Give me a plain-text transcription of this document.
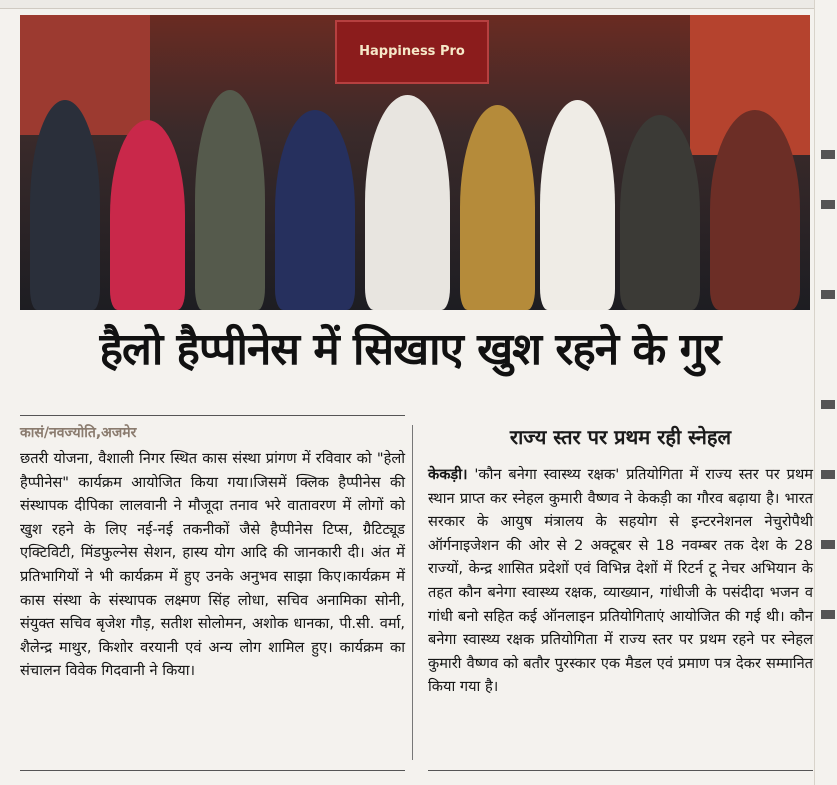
Happiness Pro
हैलो हैप्पीनेस में सिखाए खुश रहने के गुर
कासं/नवज्योति,अजमेर
छतरी योजना, वैशाली निगर स्थित कास संस्था प्रांगण में रविवार को "हेलो हैप्पीनेस" कार्यक्रम आयोजित किया गया।जिसमें क्लिक हैप्पीनेस की संस्थापक दीपिका लालवानी ने मौजूदा तनाव भरे वातावरण में लोगों को खुश रहने के लिए नई-नई तकनीकों जैसे हैप्पीनेस टिप्स, ग्रैटिट्यूड एक्टिविटी, मिंडफुल्नेस सेशन, हास्य योग आदि की जानकारी दी। अंत में प्रतिभागियों ने भी कार्यक्रम में हुए उनके अनुभव साझा किए।कार्यक्रम में कास संस्था के संस्थापक लक्ष्मण सिंह लोधा, सचिव अनामिका सोनी, संयुक्त सचिव बृजेश गौड़, सतीश सोलोमन, अशोक धानका, पी.सी. वर्मा, शैलेन्द्र माथुर, किशोर वरयानी एवं अन्य लोग शामिल हुए। कार्यक्रम का संचालन विवेक गिदवानी ने किया।
राज्य स्तर पर प्रथम रही स्नेहल
केकड़ी। 'कौन बनेगा स्वास्थ्य रक्षक' प्रतियोगिता में राज्य स्तर पर प्रथम स्थान प्राप्त कर स्नेहल कुमारी वैष्णव ने केकड़ी का गौरव बढ़ाया है। भारत सरकार के आयुष मंत्रालय के सहयोग से इन्टरनेशनल नेचुरोपैथी ऑर्गनाइजेशन की ओर से 2 अक्टूबर से 18 नवम्बर तक देश के 28 राज्यों, केन्द्र शासित प्रदेशों एवं विभिन्न देशों में रिटर्न टू नेचर अभियान के तहत कौन बनेगा स्वास्थ्य रक्षक, व्याख्यान, गांधीजी के पसंदीदा भजन व गांधी बनो सहित कई ऑनलाइन प्रतियोगिताएं आयोजित की गई थी। कौन बनेगा स्वास्थ्य रक्षक प्रतियोगिता में राज्य स्तर पर प्रथम रहने पर स्नेहल कुमारी वैष्णव को बतौर पुरस्कार एक मैडल एवं प्रमाण पत्र देकर सम्मानित किया गया है।
